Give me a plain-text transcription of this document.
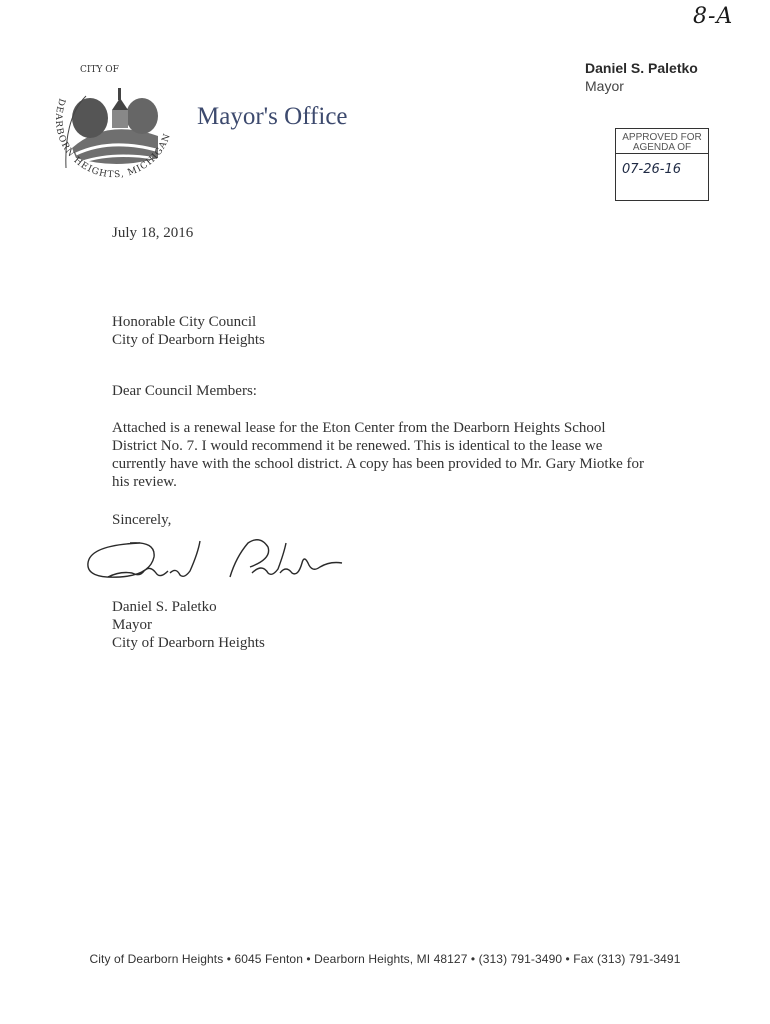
8-A
CITY OF
DEARBORN HEIGHTS, MICHIGAN
Mayor's Office
Daniel S. Paletko
Mayor
APPROVED FOR
AGENDA OF
07-26-16
July 18, 2016
Honorable City Council
City of Dearborn Heights
Dear Council Members:
Attached is a renewal lease for the Eton Center from the Dearborn Heights School
District No. 7. I would recommend it be renewed. This is identical to the lease we
currently have with the school district. A copy has been provided to Mr. Gary Miotke for
his review.
Sincerely,
Daniel S. Paletko
Mayor
City of Dearborn Heights
City of Dearborn Heights • 6045 Fenton • Dearborn Heights, MI 48127 • (313) 791-3490 • Fax (313) 791-3491
